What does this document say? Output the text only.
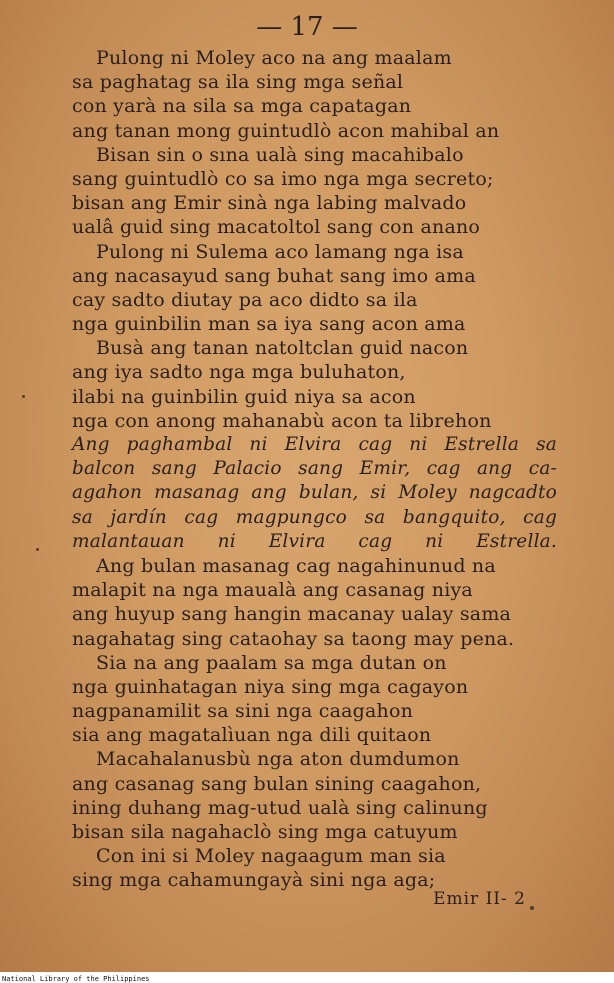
— 17 —
Pulong ni Moley aco na ang maalam
sa paghatag sa ila sing mga señal
con yarà na sila sa mga capatagan
ang tanan mong guintudlò acon mahibal an
Bisan sin o sına ualà sing macahibalo
sang guintudlò co sa imo nga mga secreto;
bisan ang Emir sinà nga labing malvado
ualâ guid sing macatoltol sang con anano
Pulong ni Sulema aco lamang nga isa
ang nacasayud sang buhat sang imo ama
cay sadto diutay pa aco didto sa ila
nga guinbilin man sa iya sang acon ama
Busà ang tanan natoltclan guid nacon
ang iya sadto nga mga buluhaton,
ilabi na guinbilin guid niya sa acon
nga con anong mahanabù acon ta librehon
Ang paghambal ni Elvira cag ni Estrella sa
balcon sang Palacio sang Emir, cag ang ca-
agahon masanag ang bulan, si Moley nagcadto
sa jardín cag magpungco sa bangquito, cag
malantauan ni Elvira cag ni Estrella.
Ang bulan masanag cag nagahinunud na
malapit na nga maualà ang casanag niya
ang huyup sang hangin macanay ualay sama
nagahatag sing cataohay sa taong may pena.
Sia na ang paalam sa mga dutan on
nga guinhatagan niya sing mga cagayon
nagpanamilit sa sini nga caagahon
sia ang magatalìuan nga dili quitaon
Macahalanusbù nga aton dumdumon
ang casanag sang bulan sining caagahon,
ining duhang mag-utud ualà sing calinung
bisan sila nagahaclò sing mga catuyum
Con ini si Moley nagaagum man sia
sing mga cahamungayà sini nga aga;
Emir II- 2
National Library of the Philippines
